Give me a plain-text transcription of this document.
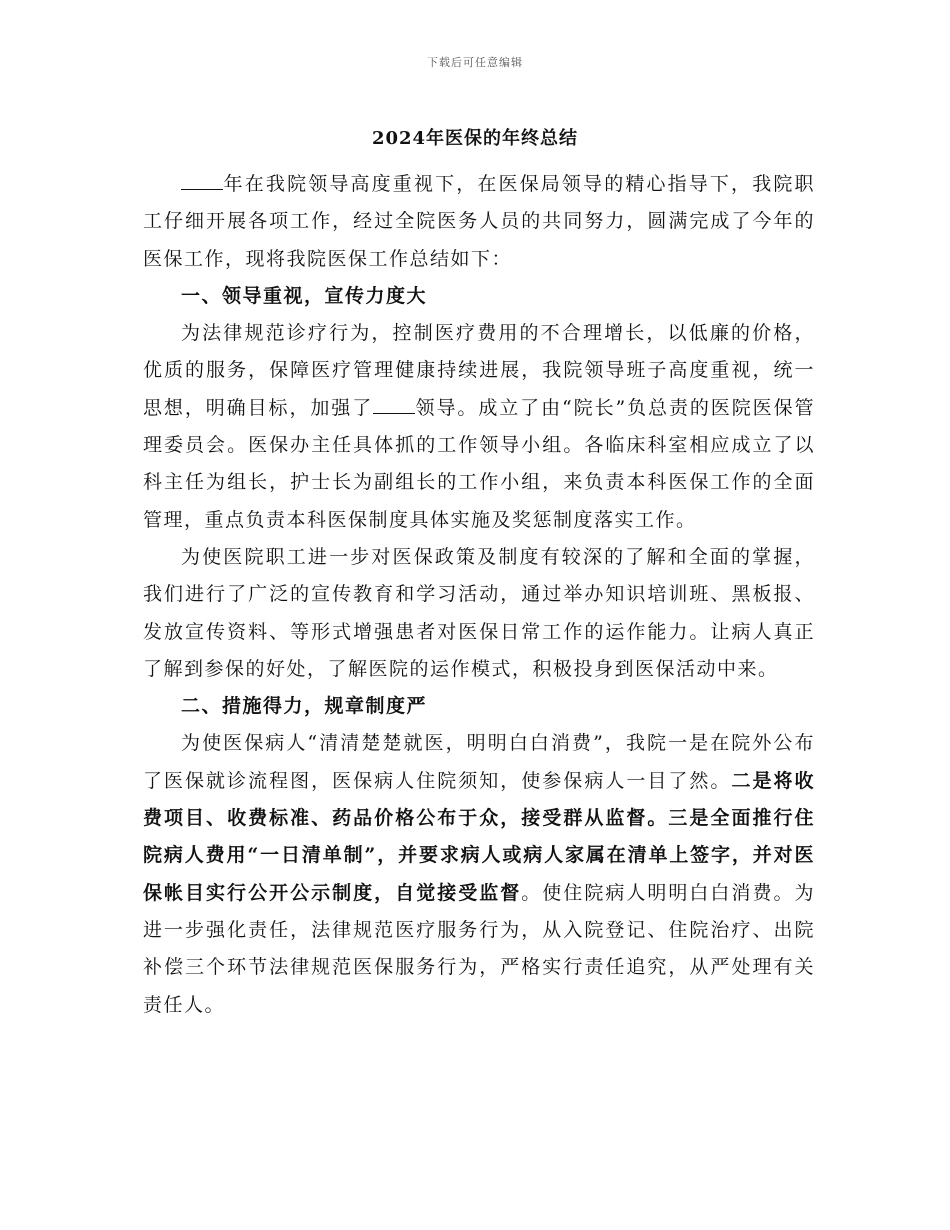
下载后可任意编辑
2024年医保的年终总结

年在我院领导高度重视下，在医保局领导的精心指导下，我院职工仔细开展各项工作，经过全院医务人员的共同努力，圆满完成了今年的医保工作，现将我院医保工作总结如下：

一、领导重视，宣传力度大

为法律规范诊疗行为，控制医疗费用的不合理增长，以低廉的价格，优质的服务，保障医疗管理健康持续进展，我院领导班子高度重视，统一思想，明确目标，加强了 领导。成立了由“院长”负总责的医院医保管理委员会。医保办主任具体抓的工作领导小组。各临床科室相应成立了以科主任为组长，护士长为副组长的工作小组，来负责本科医保工作的全面管理，重点负责本科医保制度具体实施及奖惩制度落实工作。

为使医院职工进一步对医保政策及制度有较深的了解和全面的掌握，我们进行了广泛的宣传教育和学习活动，通过举办知识培训班、黑板报、发放宣传资料、等形式增强患者对医保日常工作的运作能力。让病人真正了解到参保的好处，了解医院的运作模式，积极投身到医保活动中来。

二、措施得力，规章制度严

为使医保病人“清清楚楚就医，明明白白消费”，我院一是在院外公布了医保就诊流程图，医保病人住院须知，使参保病人一目了然。二是将收费项目、收费标准、药品价格公布于众，接受群从监督。三是全面推行住院病人费用“一日清单制”，并要求病人或病人家属在清单上签字，并对医保帐目实行公开公示制度，自觉接受监督。使住院病人明明白白消费。为进一步强化责任，法律规范医疗服务行为，从入院登记、住院治疗、出院补偿三个环节法律规范医保服务行为，严格实行责任追究，从严处理有关责任人。
